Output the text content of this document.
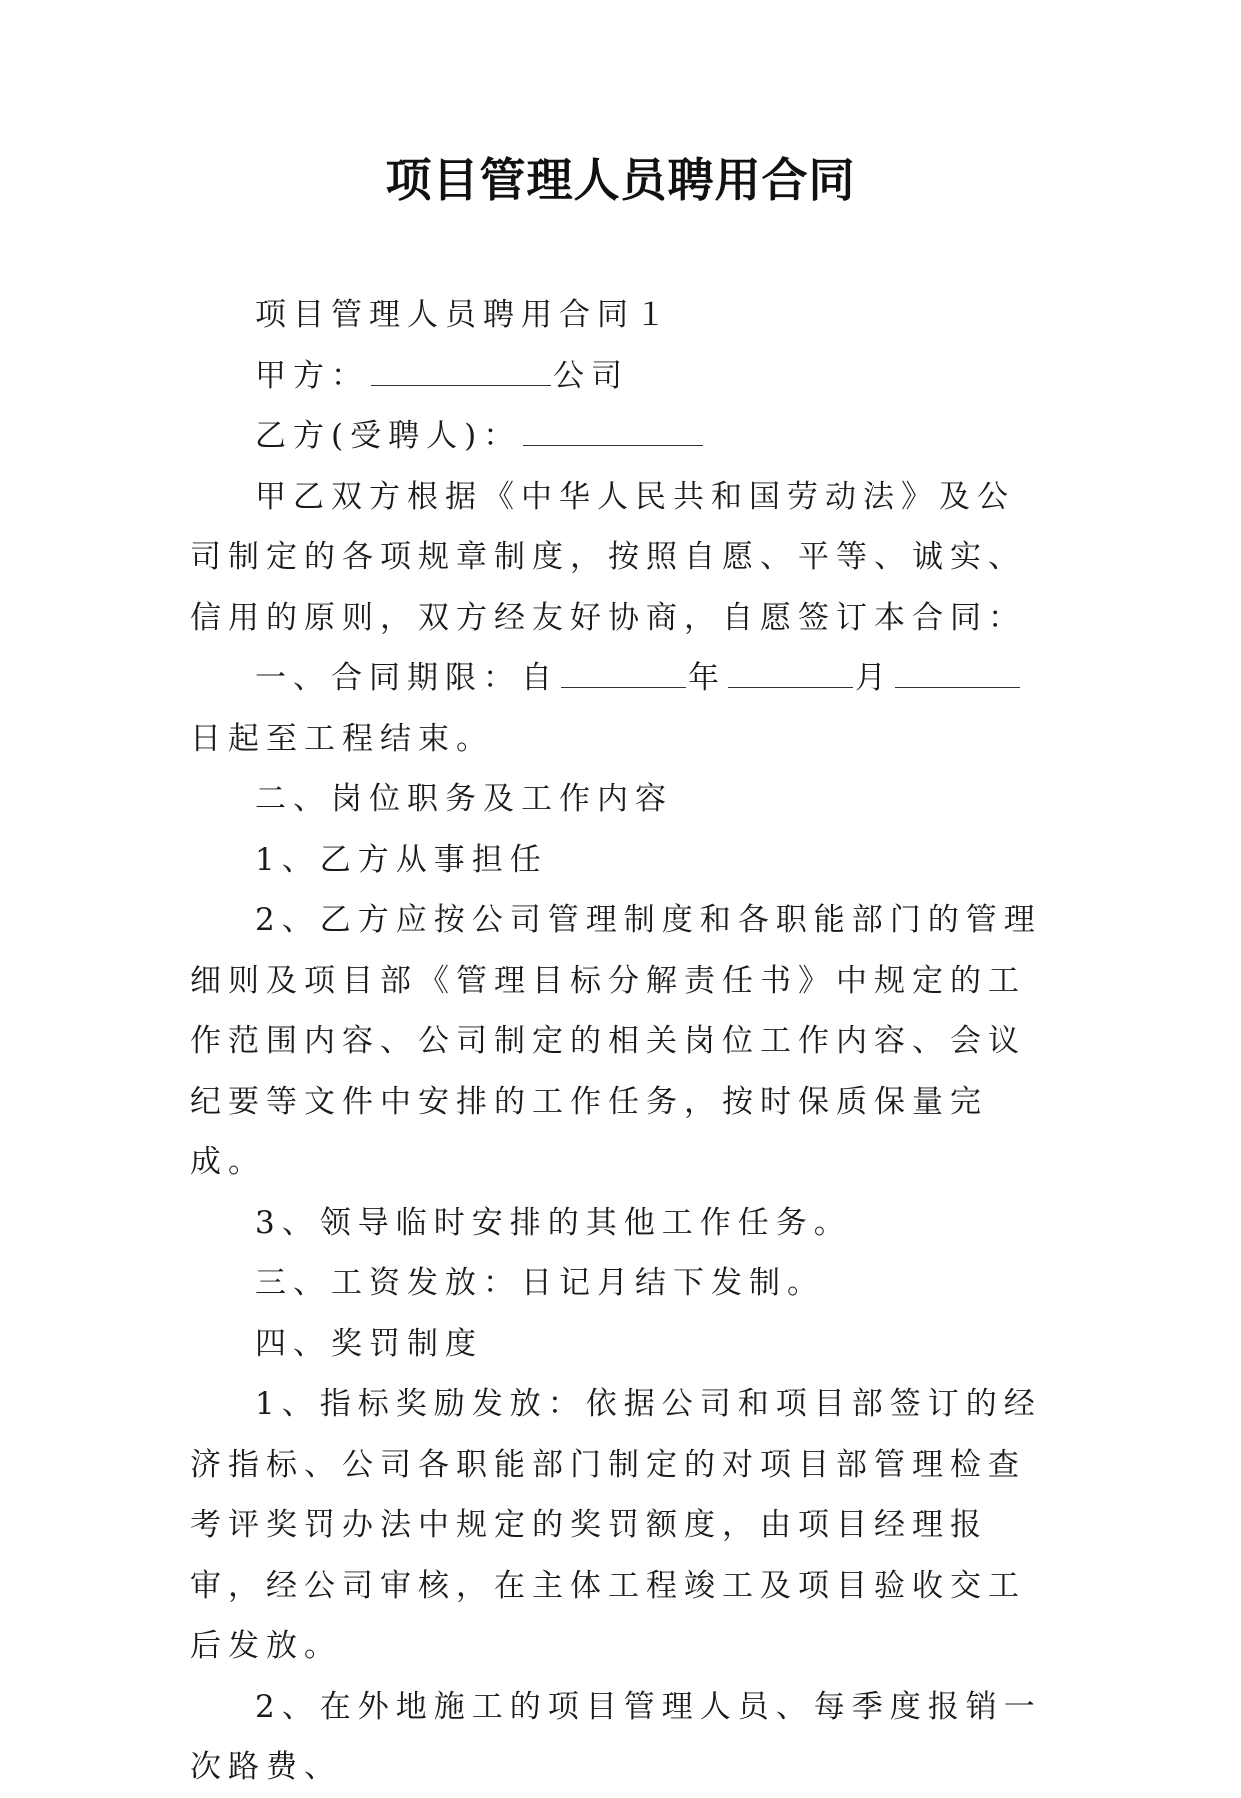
项目管理人员聘用合同

项目管理人员聘用合同１

甲方：	公司

乙方(受聘人)：

甲乙双方根据《中华人民共和国劳动法》及公司制定的各项规章制度，按照自愿、平等、诚实、信用的原则，双方经友好协商，自愿签订本合同：

一、合同期限：自	年	月日起至工程结束。

二、岗位职务及工作内容

1、乙方从事担任

2、乙方应按公司管理制度和各职能部门的管理细则及项目部《管理目标分解责任书》中规定的工作范围内容、公司制定的相关岗位工作内容、会议纪要等文件中安排的工作任务，按时保质保量完成。

3、领导临时安排的其他工作任务。

三、工资发放：日记月结下发制。

四、奖罚制度

1、指标奖励发放：依据公司和项目部签订的经济指标、公司各职能部门制定的对项目部管理检查考评奖罚办法中规定的奖罚额度，由项目经理报审，经公司审核，在主体工程竣工及项目验收交工后发放。

2、在外地施工的项目管理人员、每季度报销一次路费、
